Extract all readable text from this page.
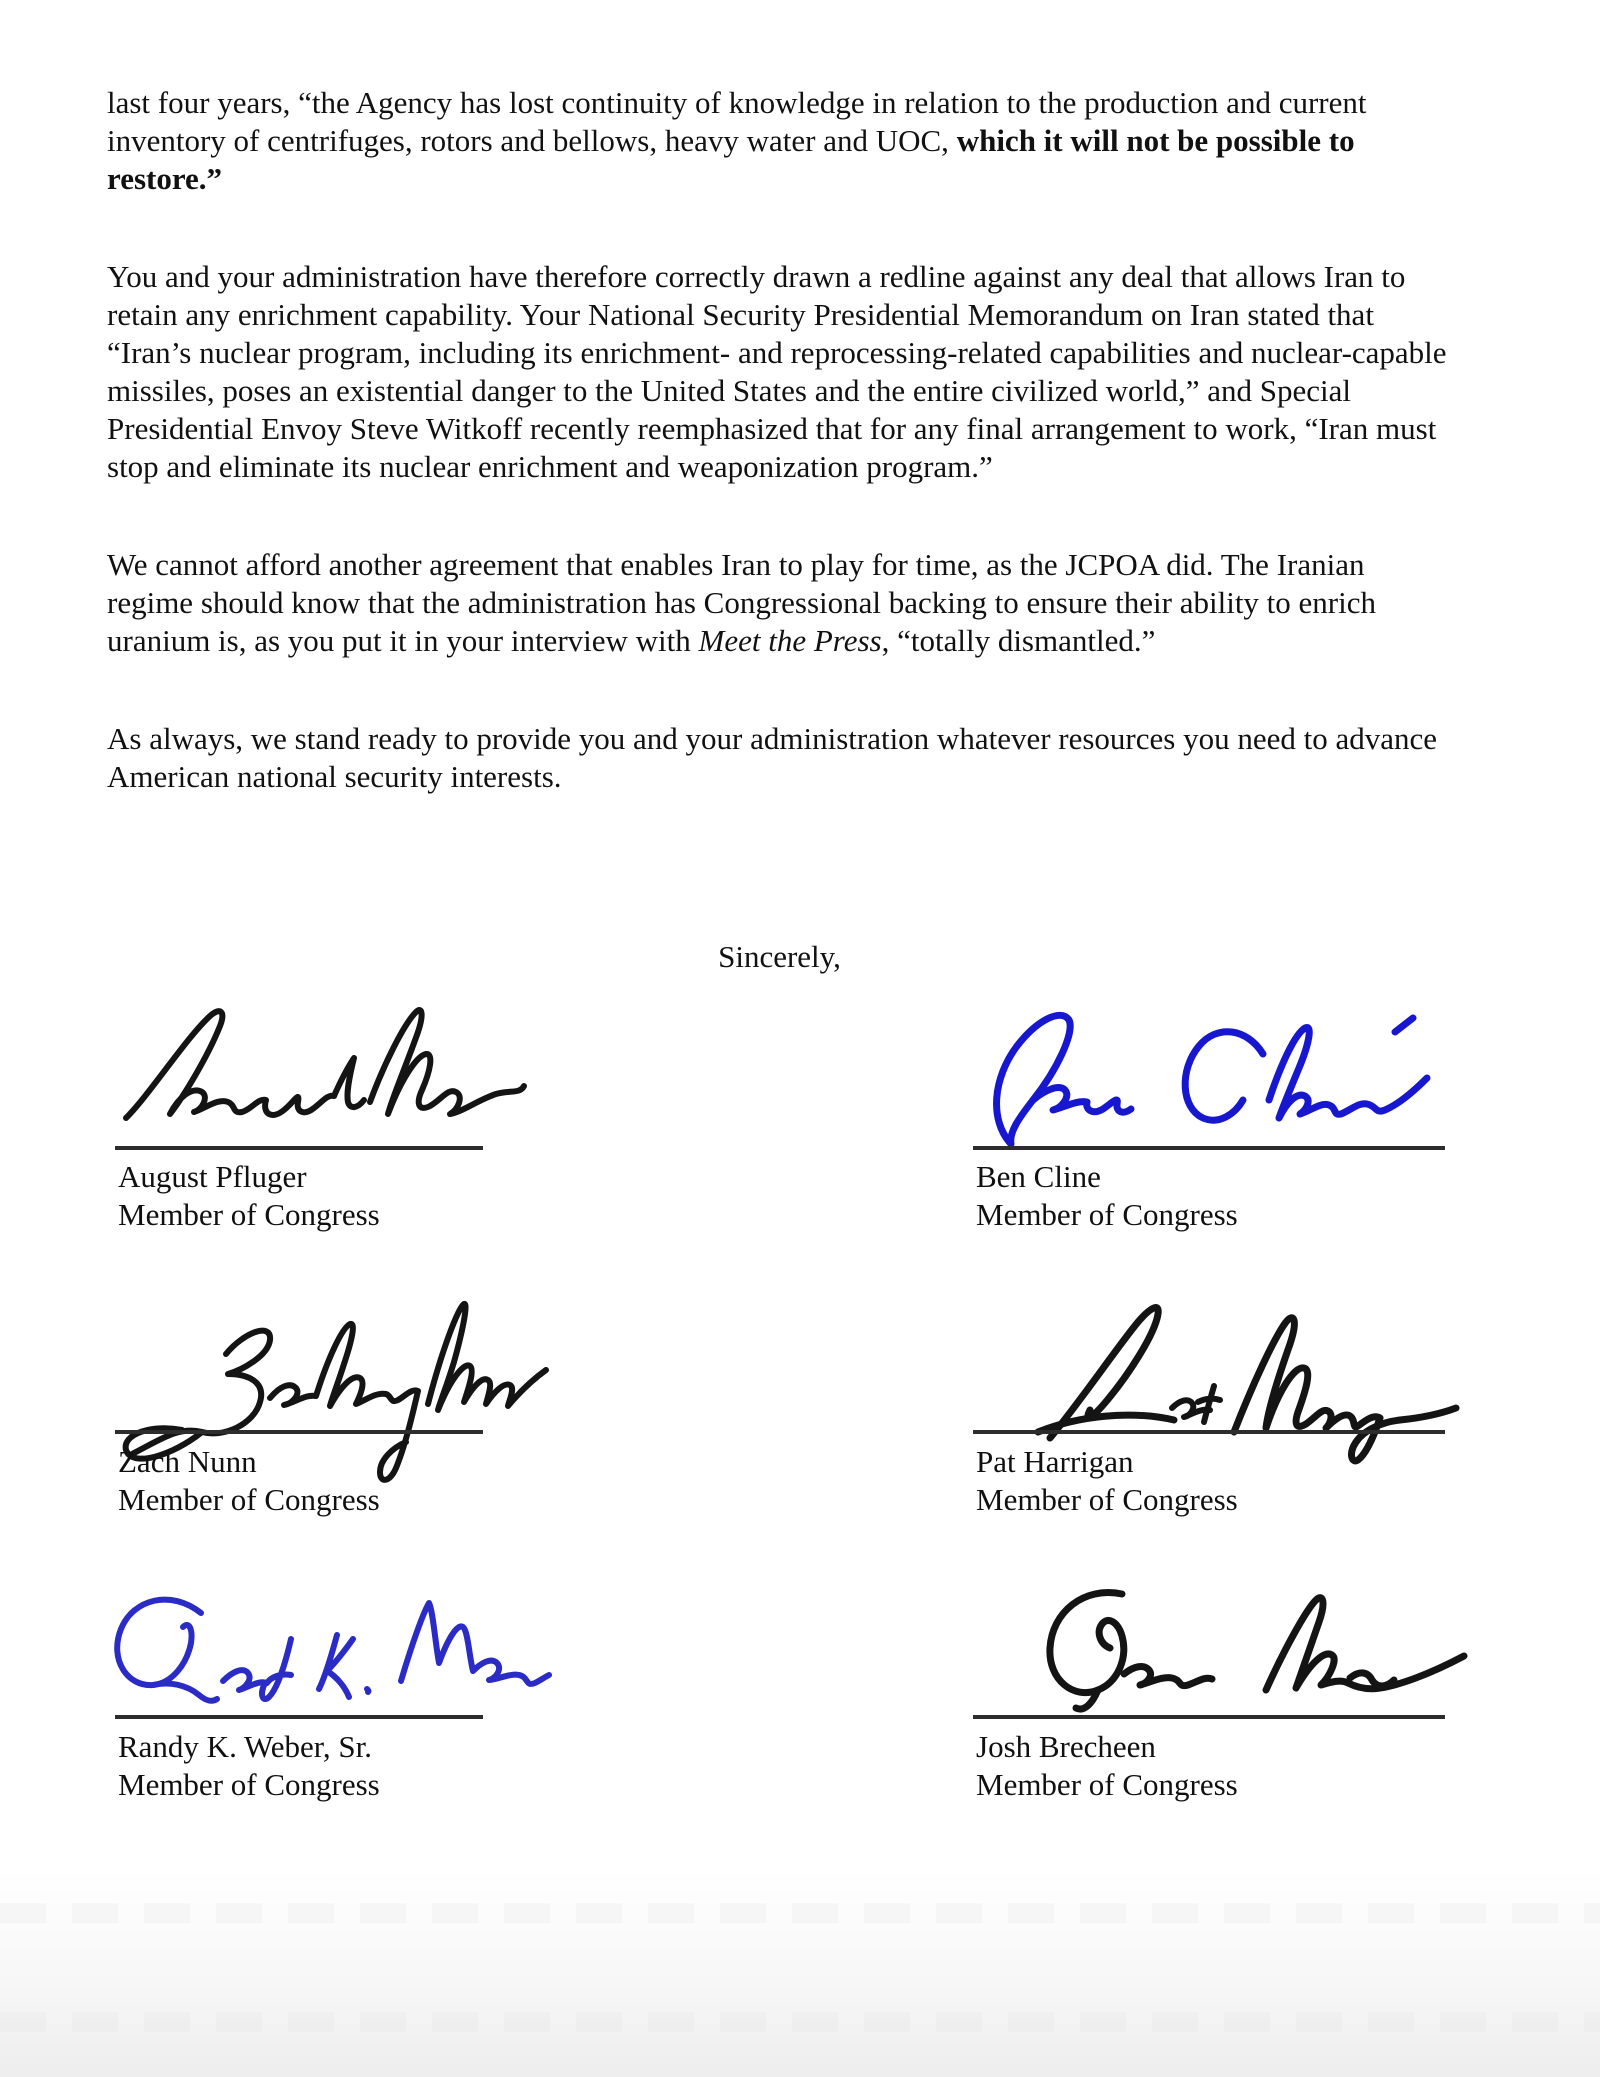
last four years, “the Agency has lost continuity of knowledge in relation to the production and current inventory of centrifuges, rotors and bellows, heavy water and UOC, which it will not be possible to restore.”

You and your administration have therefore correctly drawn a redline against any deal that allows Iran to retain any enrichment capability. Your National Security Presidential Memorandum on Iran stated that “Iran’s nuclear program, including its enrichment- and reprocessing-related capabilities and nuclear-capable missiles, poses an existential danger to the United States and the entire civilized world,” and Special Presidential Envoy Steve Witkoff recently reemphasized that for any final arrangement to work, “Iran must stop and eliminate its nuclear enrichment and weaponization program.”

We cannot afford another agreement that enables Iran to play for time, as the JCPOA did. The Iranian regime should know that the administration has Congressional backing to ensure their ability to enrich uranium is, as you put it in your interview with Meet the Press, “totally dismantled.”

As always, we stand ready to provide you and your administration whatever resources you need to advance American national security interests.

Sincerely,
August Pfluger
Member of Congress
Ben Cline
Member of Congress
Zach Nunn
Member of Congress
Pat Harrigan
Member of Congress
Randy K. Weber, Sr.
Member of Congress
Josh Brecheen
Member of Congress
